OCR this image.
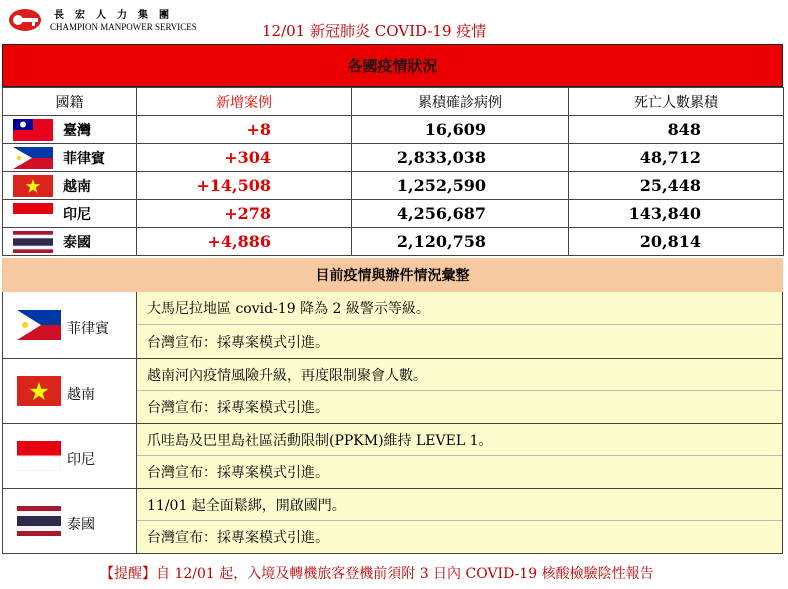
長宏人力集團
CHAMPION MANPOWER SERVICES	12/01 新冠肺炎 COVID-19 疫情
各國疫情狀況
國籍	新增案例	累積確診病例	死亡人數累積

臺灣	+8	16,609	848

菲律賓	+304	2,833,038	48,712

越南	+14,508	1,252,590	25,448

印尼	+278	4,256,687	143,840

泰國	+4,886	2,120,758	20,814
目前疫情與辦件情況彙整
菲律賓
大馬尼拉地區 covid-19 降為 2 級警示等級。
台灣宣布：採專案模式引進。
越南
越南河內疫情風險升級，再度限制聚會人數。
台灣宣布：採專案模式引進。
印尼
爪哇島及巴里島社區活動限制(PPKM)維持 LEVEL 1。
台灣宣布：採專案模式引進。
泰國
11/01 起全面鬆綁，開啟國門。
台灣宣布：採專案模式引進。
【提醒】自 12/01 起，入境及轉機旅客登機前須附 3 日內 COVID-19 核酸檢驗陰性報告
